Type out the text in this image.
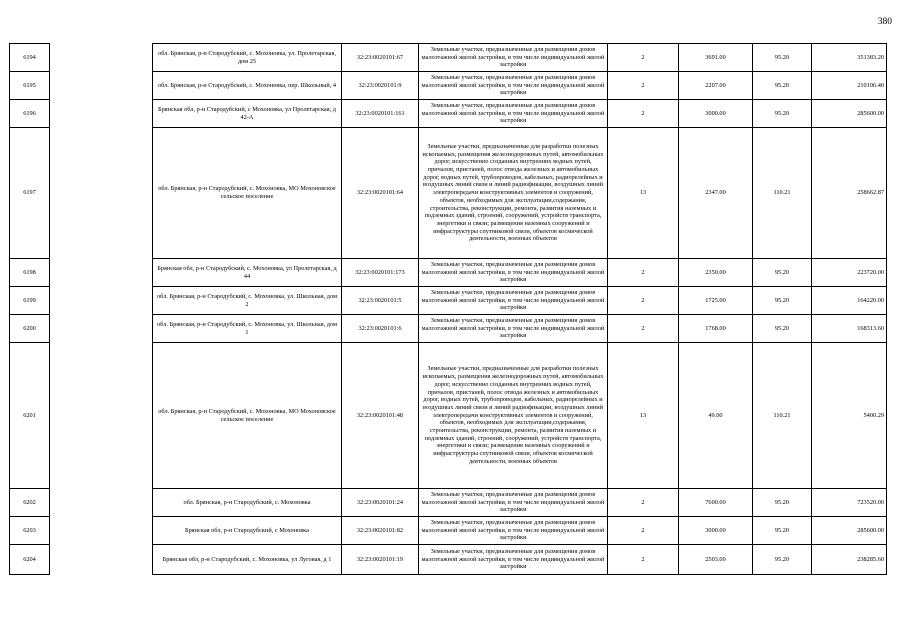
380
6194		обл. Брянская, р-н Стародубский, с. Мохоновка, ул. Пролетарская, дом 25	32:23:0020101:67	Земельные участки, предназначенные для размещения домов малоэтажной жилой застройки, в том числе индивидуальной жилой застройки	2	3691.00	95.20	351383.20
6195		обл. Брянская, р-н Стародубский, с. Мохоновка, пер. Школьный, 4	32:23:0020101:9	Земельные участки, предназначенные для размещения домов малоэтажной жилой застройки, в том числе индивидуальной жилой застройки	2	2207.00	95.20	210106.40
6196		Брянская обл, р-н Стародубский, с Мохоновка, ул Пролетарская, д 42-А	32:23:0020101:161	Земельные участки, предназначенные для размещения домов малоэтажной жилой застройки, в том числе индивидуальной жилой застройки	2	3000.00	95.20	285600.00
6197		обл. Брянская, р-н Стародубский, с. Мохоновка, МО Мохоновское сельское поселение	32:23:0020101:64	Земельные участки, предназначенные для разработки полезных ископаемых, размещения железнодорожных путей, автомобильных дорог, искусственно созданных внутренних водных путей, причалов, пристаней, полос отвода железных и автомобильных дорог, водных путей, трубопроводов, кабельных, радиорелейных и воздушных линий связи и линий радиофикации, воздушных линий электропередачи конструктивных элементов и сооружений, объектов, необходимых для эксплуатации,содержания, строительства, реконструкции, ремонта, развития наземных и подземных зданий, строений, сооружений, устройств транспорта, энергетики и связи; размещения наземных сооружений и инфраструктуры спутниковой связи, объектов космической деятельности, военных объектов	13	2347.00	110.21	258662.87
6198		Брянская обл, р-н Стародубский, с. Мохоновка, ул Пролетарская, д 44	32:23:0020101:173	Земельные участки, предназначенные для размещения домов малоэтажной жилой застройки, в том числе индивидуальной жилой застройки	2	2350.00	95.20	223720.00
6199		обл. Брянская, р-н Стародубский, с. Мохоновка, ул. Школьная, дом 2	32:23:0020101:5	Земельные участки, предназначенные для размещения домов малоэтажной жилой застройки, в том числе индивидуальной жилой застройки	2	1725.00	95.20	164220.00
6200		обл. Брянская, р-н Стародубский, с. Мохоновка, ул. Школьная, дом 1	32:23:0020101:6	Земельные участки, предназначенные для размещения домов малоэтажной жилой застройки, в том числе индивидуальной жилой застройки	2	1768.00	95.20	168313.60
6201		обл. Брянская, р-н Стародубский, с. Мохоновка, МО Мохоновское сельское поселение	32:23:0020101:48	Земельные участки, предназначенные для разработки полезных ископаемых, размещения железнодорожных путей, автомобильных дорог, искусственно созданных внутренних водных путей, причалов, пристаней, полос отвода железных и автомобильных дорог, водных путей, трубопроводов, кабельных, радиорелейных и воздушных линий связи и линий радиофикации, воздушных линий электропередачи конструктивных элементов и сооружений, объектов, необходимых для эксплуатации,содержания, строительства, реконструкции, ремонта, развития наземных и подземных зданий, строений, сооружений, устройств транспорта, энергетики и связи; размещения наземных сооружений и инфраструктуры спутниковой связи, объектов космической деятельности, военных объектов	13	49.00	110.21	5400.29
6202		обл. Брянская, р-н Стародубский, с. Мохоновка	32:23:0020101:24	Земельные участки, предназначенные для размещения домов малоэтажной жилой застройки, в том числе индивидуальной жилой застройки	2	7600.00	95.20	723520.00
6203		Брянская обл, р-н Стародубский, с Мохоновка	32:23:0020101:82	Земельные участки, предназначенные для размещения домов малоэтажной жилой застройки, в том числе индивидуальной жилой застройки	2	3000.00	95.20	285600.00
6204		Брянская обл, р-н Стародубский, с. Мохоновка, ул Луговая, д 1	32:23:0020101:19	Земельные участки, предназначенные для размещения домов малоэтажной жилой застройки, в том числе индивидуальной жилой застройки	2	2503.00	95.20	238285.60
